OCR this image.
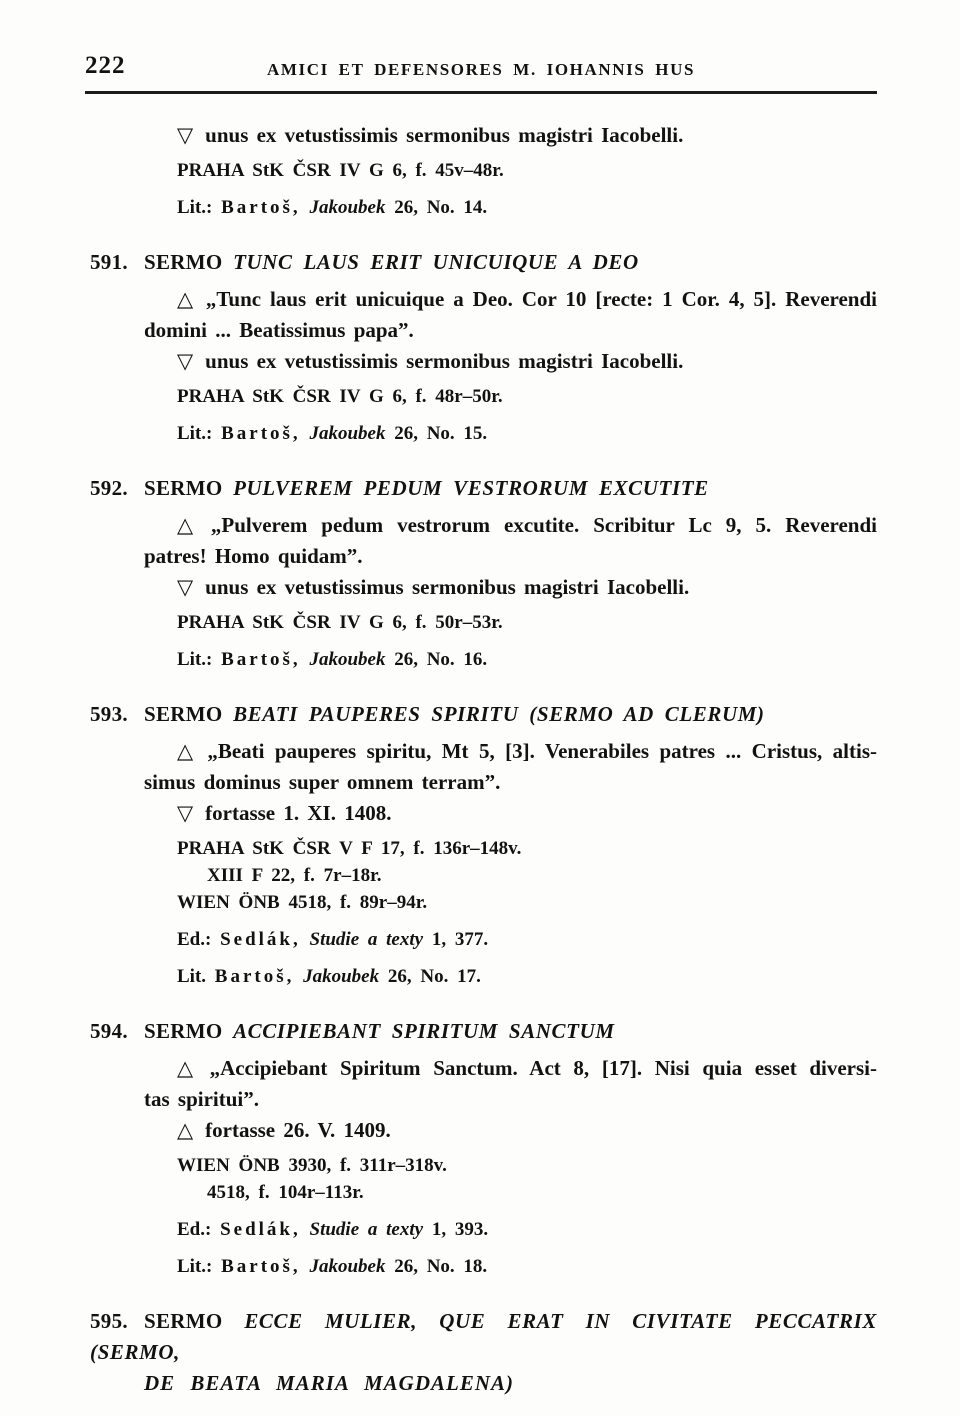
222	AMICI ET DEFENSORES M. IOHANNIS HUS
▽ unus ex vetustissimis sermonibus magistri Iacobelli.
PRAHA StK ČSR IV G 6, f. 45v–48r.
Lit.: Bartoš, Jakoubek 26, No. 14.
591. SERMO TUNC LAUS ERIT UNICUIQUE A DEO
△ „Tunc laus erit unicuique a Deo. Cor 10 [recte: 1 Cor. 4, 5]. Reverendi
domini ... Beatissimus papa”.
▽ unus ex vetustissimis sermonibus magistri Iacobelli.
PRAHA StK ČSR IV G 6, f. 48r–50r.
Lit.: Bartoš, Jakoubek 26, No. 15.
592. SERMO PULVEREM PEDUM VESTRORUM EXCUTITE
△ „Pulverem pedum vestrorum excutite. Scribitur Lc 9, 5. Reverendi
patres! Homo quidam”.
▽ unus ex vetustissimus sermonibus magistri Iacobelli.
PRAHA StK ČSR IV G 6, f. 50r–53r.
Lit.: Bartoš, Jakoubek 26, No. 16.
593. SERMO BEATI PAUPERES SPIRITU (SERMO AD CLERUM)
△ „Beati pauperes spiritu, Mt 5, [3]. Venerabiles patres ... Cristus, altis-
simus dominus super omnem terram”.
▽ fortasse 1. XI. 1408.
PRAHA StK ČSR V F 17, f. 136r–148v.
XIII F 22, f. 7r–18r.
WIEN ÖNB 4518, f. 89r–94r.
Ed.: Sedlák, Studie a texty 1, 377.
Lit. Bartoš, Jakoubek 26, No. 17.
594. SERMO ACCIPIEBANT SPIRITUM SANCTUM
△ „Accipiebant Spiritum Sanctum. Act 8, [17]. Nisi quia esset diversi-
tas spiritui”.
△ fortasse 26. V. 1409.
WIEN ÖNB 3930, f. 311r–318v.
4518, f. 104r–113r.
Ed.: Sedlák, Studie a texty 1, 393.
Lit.: Bartoš, Jakoubek 26, No. 18.
595. SERMO ECCE MULIER, QUE ERAT IN CIVITATE PECCATRIX (SERMO,
DE BEATA MARIA MAGDALENA)
